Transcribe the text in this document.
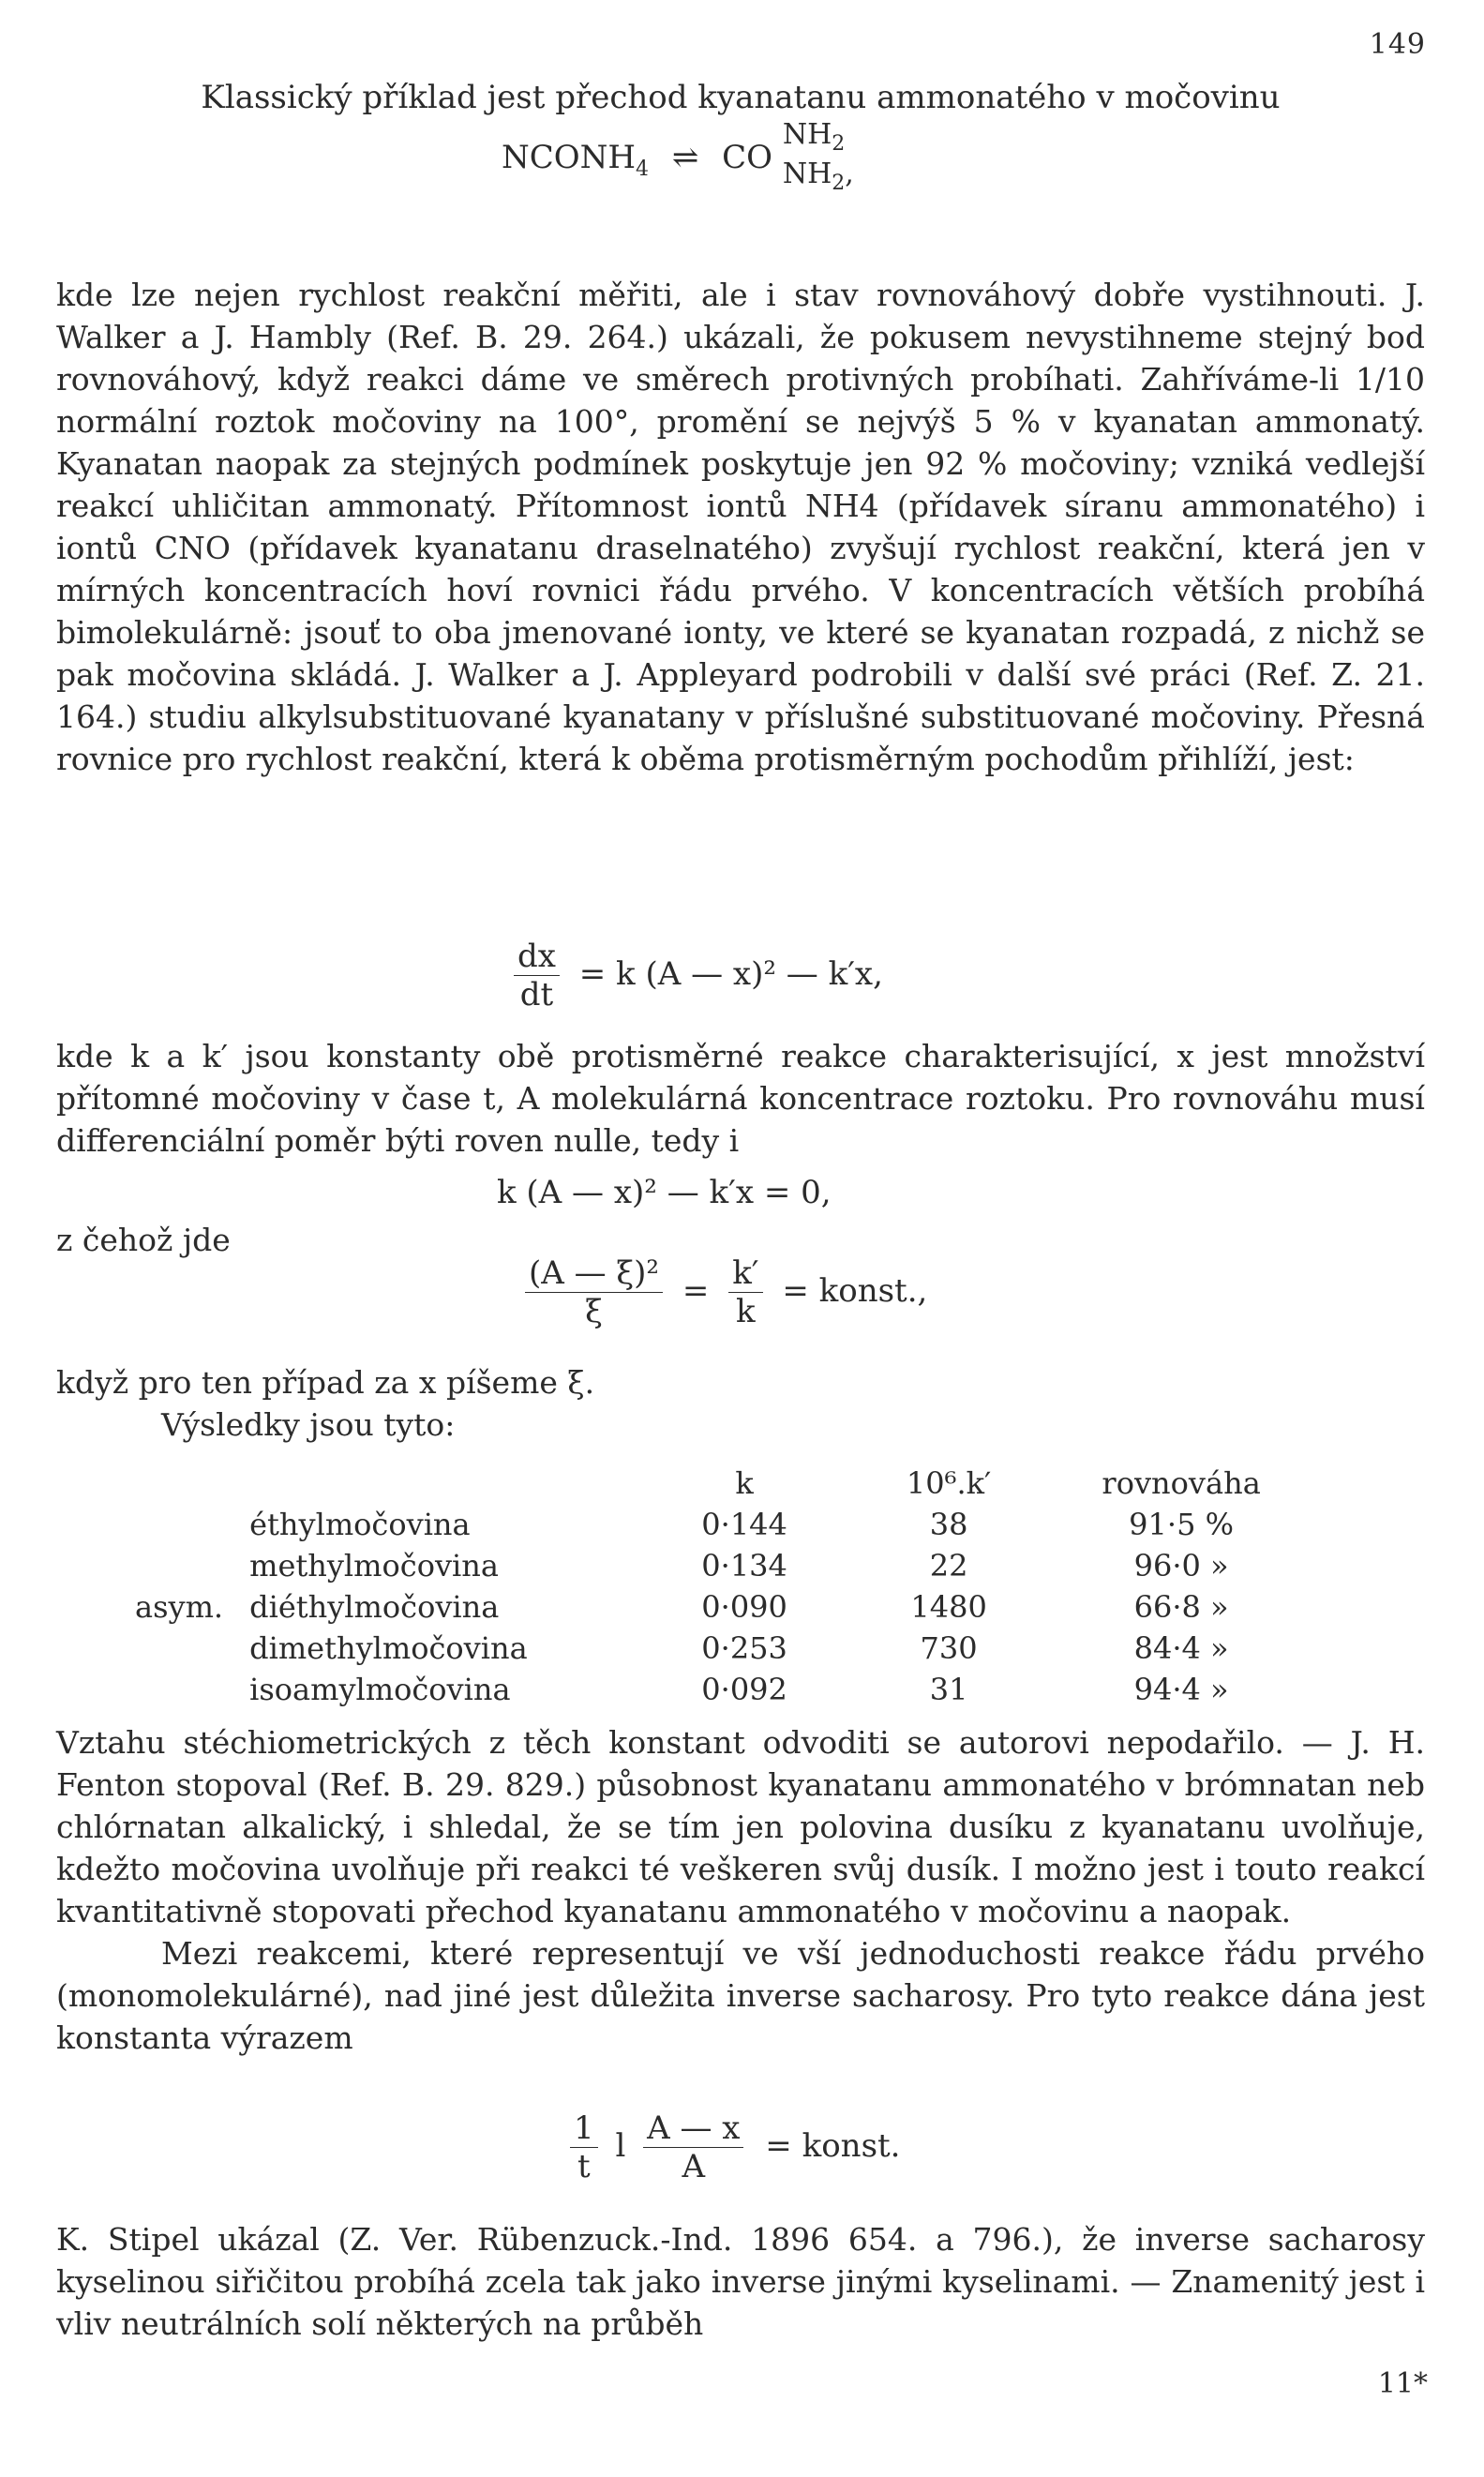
149

Klassický příklad jest přechod kyanatanu ammonatého v močovinu

$NCONH_4$ ⇌ CO
$NH_2$
$NH_2$,

kde lze nejen rychlost reakční měřiti, ale i stav rovnováhový dobře vystihnouti. J. Walker a J. Hambly (Ref. B. 29. 264.) ukázali, že pokusem nevystihneme stejný bod rovnováhový, když reakci dáme ve směrech protivných probíhati. Zahříváme-li 1/10 normální roztok močoviny na 100°, promění se nejvýš 5 % v kyanatan ammonatý. Kyanatan naopak za stejných podmínek poskytuje jen 92 % močoviny; vzniká vedlejší reakcí uhličitan ammonatý. Přítomnost iontů NH4 (přídavek síranu ammonatého) i iontů CNO (přídavek kyanatanu draselnatého) zvyšují rychlost reakční, která jen v mírných koncentracích hoví rovnici řádu prvého. V koncentracích větších probíhá bimolekulárně: jsouť to oba jmenované ionty, ve které se kyanatan rozpadá, z nichž se pak močovina skládá. J. Walker a J. Appleyard podrobili v další své práci (Ref. Z. 21. 164.) studiu alkylsubstituované kyanatany v příslušné substituované močoviny. Přesná rovnice pro rychlost reakční, která k oběma protisměrným pochodům přihlíží, jest:

$\frac{dx}{dt} = k$ (A — x)² — k′x,

kde k a k′ jsou konstanty obě protisměrné reakce charakterisující, x jest množství přítomné močoviny v čase t, A molekulárná koncentrace roztoku. Pro rovnováhu musí differenciální poměr býti roven nulle, tedy i

k (A — x)² — k′x = 0,

z čehož jde

$\frac{\text{(A — ξ)²}}{\xi} = \frac{k'}{k}$ = konst.,

když pro ten případ za x píšeme ξ.

Výsledky jsou tyto:

		k	10⁶.k′	rovnováha
	éthylmočovina	0·144	38	91·5 %
	methylmočovina	0·134	22	96·0 »
asym.	diéthylmočovina	0·090	1480	66·8 »
	dimethylmočovina	0·253	730	84·4 »
	isoamylmočovina	0·092	31	94·4 »

Vztahu stéchiometrických z těch konstant odvoditi se autorovi nepodařilo. — J. H. Fenton stopoval (Ref. B. 29. 829.) působnost kyanatanu ammonatého v brómnatan neb chlórnatan alkalický, i shledal, že se tím jen polovina dusíku z kyanatanu uvolňuje, kdežto močovina uvolňuje při reakci té veškeren svůj dusík. I možno jest i touto reakcí kvantitativně stopovati přechod kyanatanu ammonatého v močovinu a naopak.

Mezi reakcemi, které representují ve vší jednoduchosti reakce řádu prvého (monomolekulárné), nad jiné jest důležita inverse sacharosy. Pro tyto reakce dána jest konstanta výrazem

$\frac{1}{t}$ l $\frac{A — x}{A}$ = konst.

K. Stipel ukázal (Z. Ver. Rübenzuck.-Ind. 1896 654. a 796.), že inverse sacharosy kyselinou siřičitou probíhá zcela tak jako inverse jinými kyselinami. — Znamenitý jest i vliv neutrálních solí některých na průběh

11*
